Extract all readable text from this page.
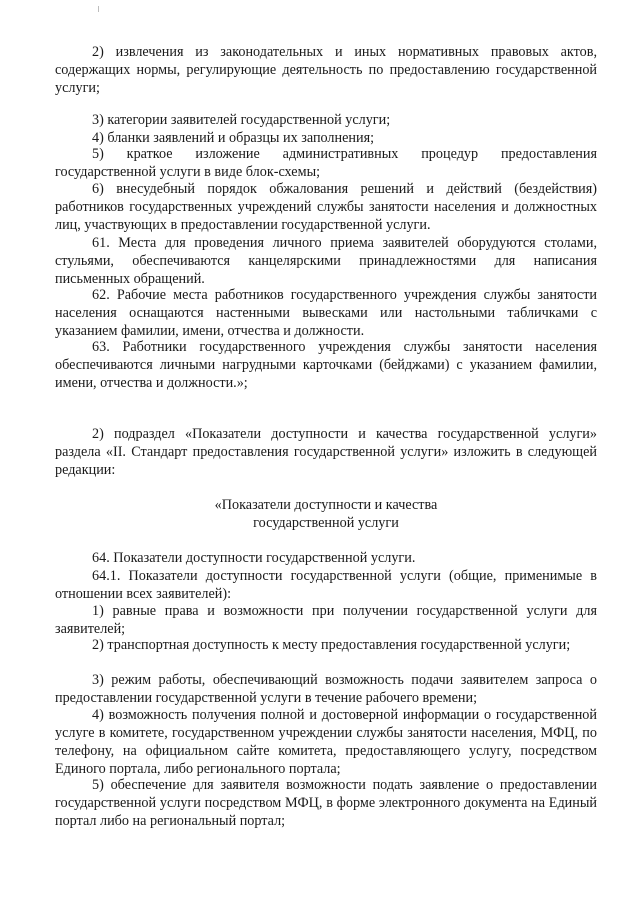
2) извлечения из законодательных и иных нормативных правовых актов, содержащих нормы, регулирующие деятельность по предоставлению государственной услуги;

3) категории заявителей государственной услуги;

4) бланки заявлений и образцы их заполнения;

5) краткое изложение административных процедур предоставления государственной услуги в виде блок-схемы;

6) внесудебный порядок обжалования решений и действий (бездействия) работников государственных учреждений службы занятости населения и должностных лиц, участвующих в предоставлении государственной услуги.

61. Места для проведения личного приема заявителей оборудуются столами, стульями, обеспечиваются канцелярскими принадлежностями для написания письменных обращений.

62. Рабочие места работников государственного учреждения службы занятости населения оснащаются настенными вывесками или настольными табличками с указанием фамилии, имени, отчества и должности.

63. Работники государственного учреждения службы занятости населения обеспечиваются личными нагрудными карточками (бейджами) с указанием фамилии, имени, отчества и должности.»;

2) подраздел «Показатели доступности и качества государственной услуги» раздела «II. Стандарт предоставления государственной услуги» изложить в следующей редакции:

«Показатели доступности и качества

государственной услуги

64. Показатели доступности государственной услуги.

64.1. Показатели доступности государственной услуги (общие, применимые в отношении всех заявителей):

1) равные права и возможности при получении государственной услуги для заявителей;

2) транспортная доступность к месту предоставления государственной услуги;

3) режим работы, обеспечивающий возможность подачи заявителем запроса о предоставлении государственной услуги в течение рабочего времени;

4) возможность получения полной и достоверной информации о государственной услуге в комитете, государственном учреждении службы занятости населения, МФЦ, по телефону, на официальном сайте комитета, предоставляющего услугу, посредством Единого портала, либо регионального портала;

5) обеспечение для заявителя возможности подать заявление о предоставлении государственной услуги посредством МФЦ, в форме электронного документа на Единый портал либо на региональный портал;
